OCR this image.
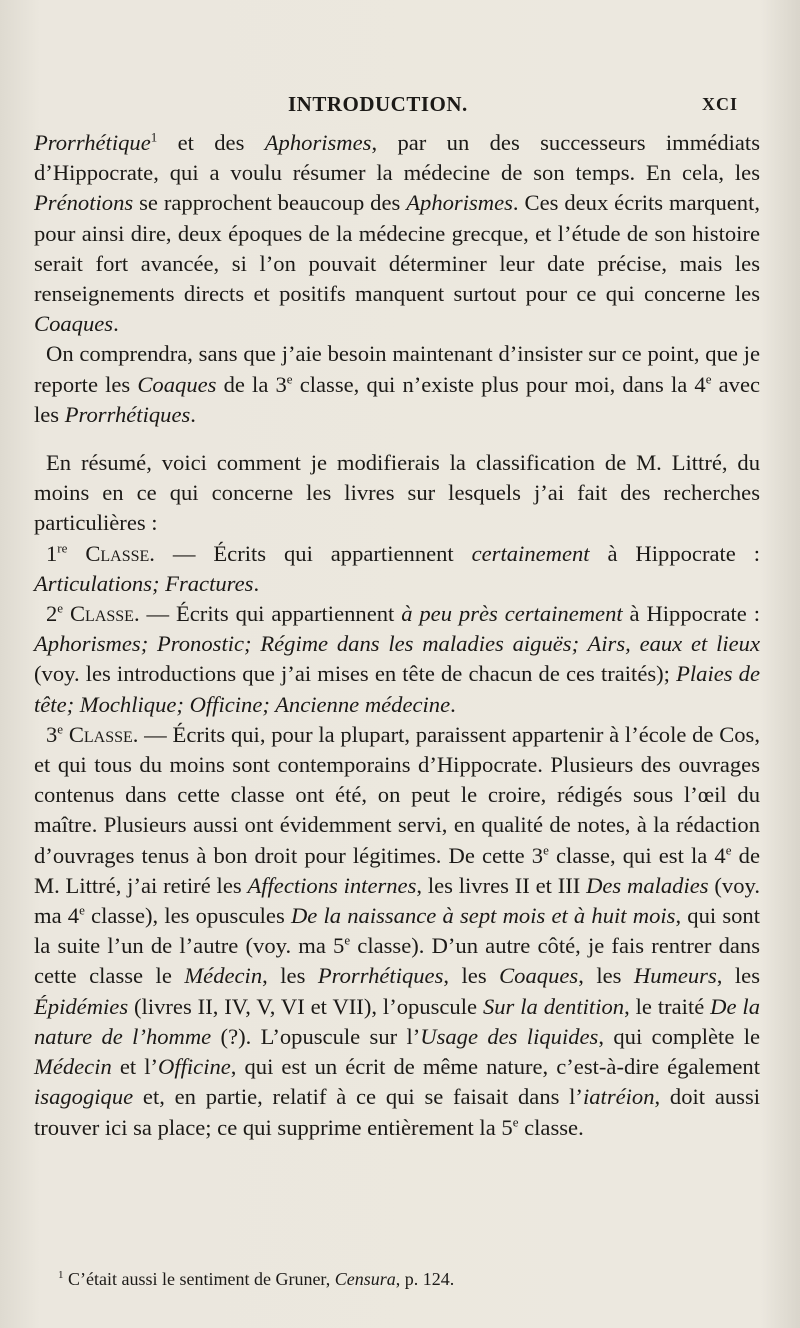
INTRODUCTION.	XCI

Prorrhétique$^1$ et des Aphorismes, par un des successeurs immédiats d’Hippocrate, qui a voulu résumer la médecine de son temps. En cela, les Prénotions se rapprochent beaucoup des Aphorismes. Ces deux écrits marquent, pour ainsi dire, deux époques de la médecine grecque, et l’étude de son histoire serait fort avancée, si l’on pouvait déterminer leur date précise, mais les renseignements directs et positifs manquent surtout pour ce qui concerne les Coaques.

On comprendra, sans que j’aie besoin maintenant d’insister sur ce point, que je reporte les Coaques de la 3e classe, qui n’existe plus pour moi, dans la 4e avec les Prorrhétiques.

En résumé, voici comment je modifierais la classification de M. Littré, du moins en ce qui concerne les livres sur lesquels j’ai fait des recherches particulières :

1re Classe. — Écrits qui appartiennent certainement à Hippocrate : Articulations; Fractures.

2e Classe. — Écrits qui appartiennent à peu près certainement à Hippocrate : Aphorismes; Pronostic; Régime dans les maladies aiguës; Airs, eaux et lieux (voy. les introductions que j’ai mises en tête de chacun de ces traités); Plaies de tête; Mochlique; Officine; Ancienne médecine.

3e Classe. — Écrits qui, pour la plupart, paraissent appartenir à l’école de Cos, et qui tous du moins sont contemporains d’Hippocrate. Plusieurs des ouvrages contenus dans cette classe ont été, on peut le croire, rédigés sous l’œil du maître. Plusieurs aussi ont évidemment servi, en qualité de notes, à la rédaction d’ouvrages tenus à bon droit pour légitimes. De cette 3e classe, qui est la 4e de M. Littré, j’ai retiré les Affections internes, les livres II et III Des maladies (voy. ma 4e classe), les opuscules De la naissance à sept mois et à huit mois, qui sont la suite l’un de l’autre (voy. ma 5e classe). D’un autre côté, je fais rentrer dans cette classe le Médecin, les Prorrhétiques, les Coaques, les Humeurs, les Épidémies (livres II, IV, V, VI et VII), l’opuscule Sur la dentition, le traité De la nature de l’homme (?). L’opuscule sur l’Usage des liquides, qui complète le Médecin et l’Officine, qui est un écrit de même nature, c’est-à-dire également isagogique et, en partie, relatif à ce qui se faisait dans l’iatréion, doit aussi trouver ici sa place; ce qui supprime entièrement la 5e classe.

$^1$ C’était aussi le sentiment de Gruner, Censura, p. 124.
